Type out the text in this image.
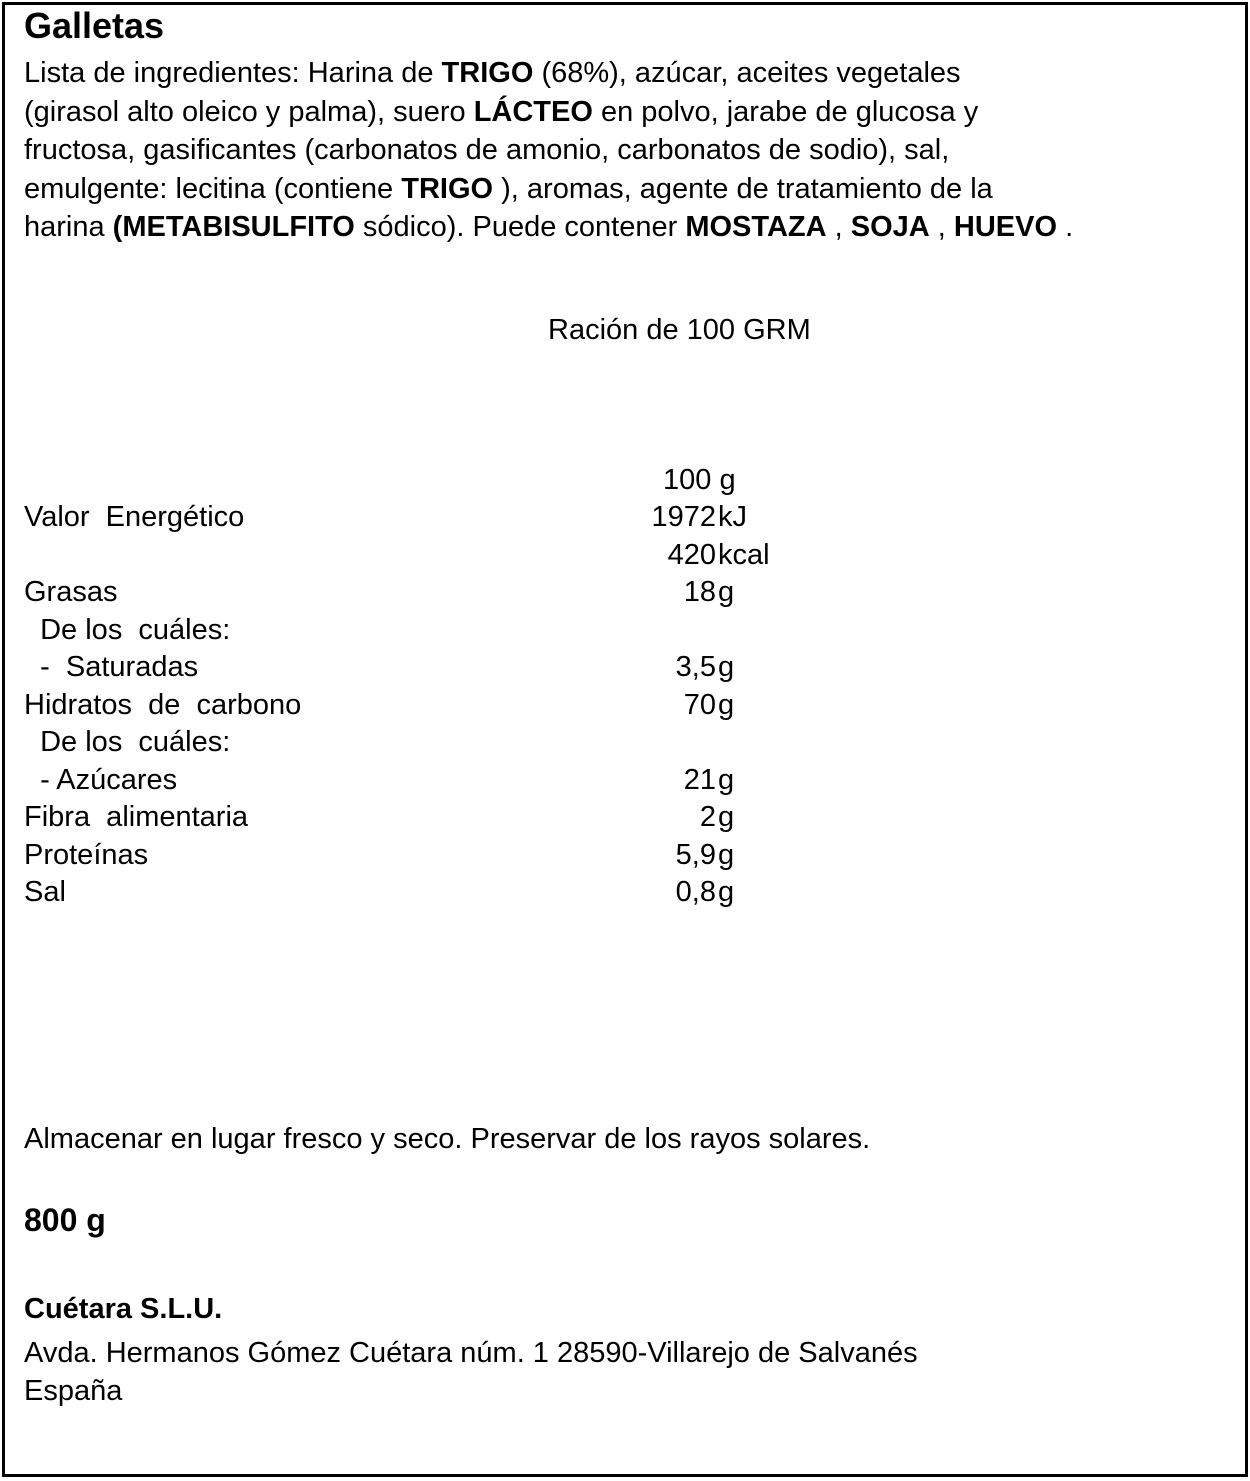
Galletas
Lista de ingredientes: Harina de TRIGO (68%), azúcar, aceites vegetales
(girasol alto oleico y palma), suero LÁCTEO en polvo, jarabe de glucosa y
fructosa, gasificantes (carbonatos de amonio, carbonatos de sodio), sal,
emulgente: lecitina (contiene TRIGO ), aromas, agente de tratamiento de la
harina (METABISULFITO sódico). Puede contener MOSTAZA , SOJA , HUEVO .
Ración de 100 GRM
100 g
Valor  Energético	1972 kJ
420 kcal
Grasas	18 g
De los  cuáles:
-  Saturadas	3,5 g
Hidratos  de  carbono	70 g
De los  cuáles:
- Azúcares	21 g
Fibra  alimentaria	2 g
Proteínas	5,9 g
Sal	0,8 g
Almacenar en lugar fresco y seco. Preservar de los rayos solares.
800 g
Cuétara S.L.U.
Avda. Hermanos Gómez Cuétara núm. 1 28590-Villarejo de Salvanés
España
